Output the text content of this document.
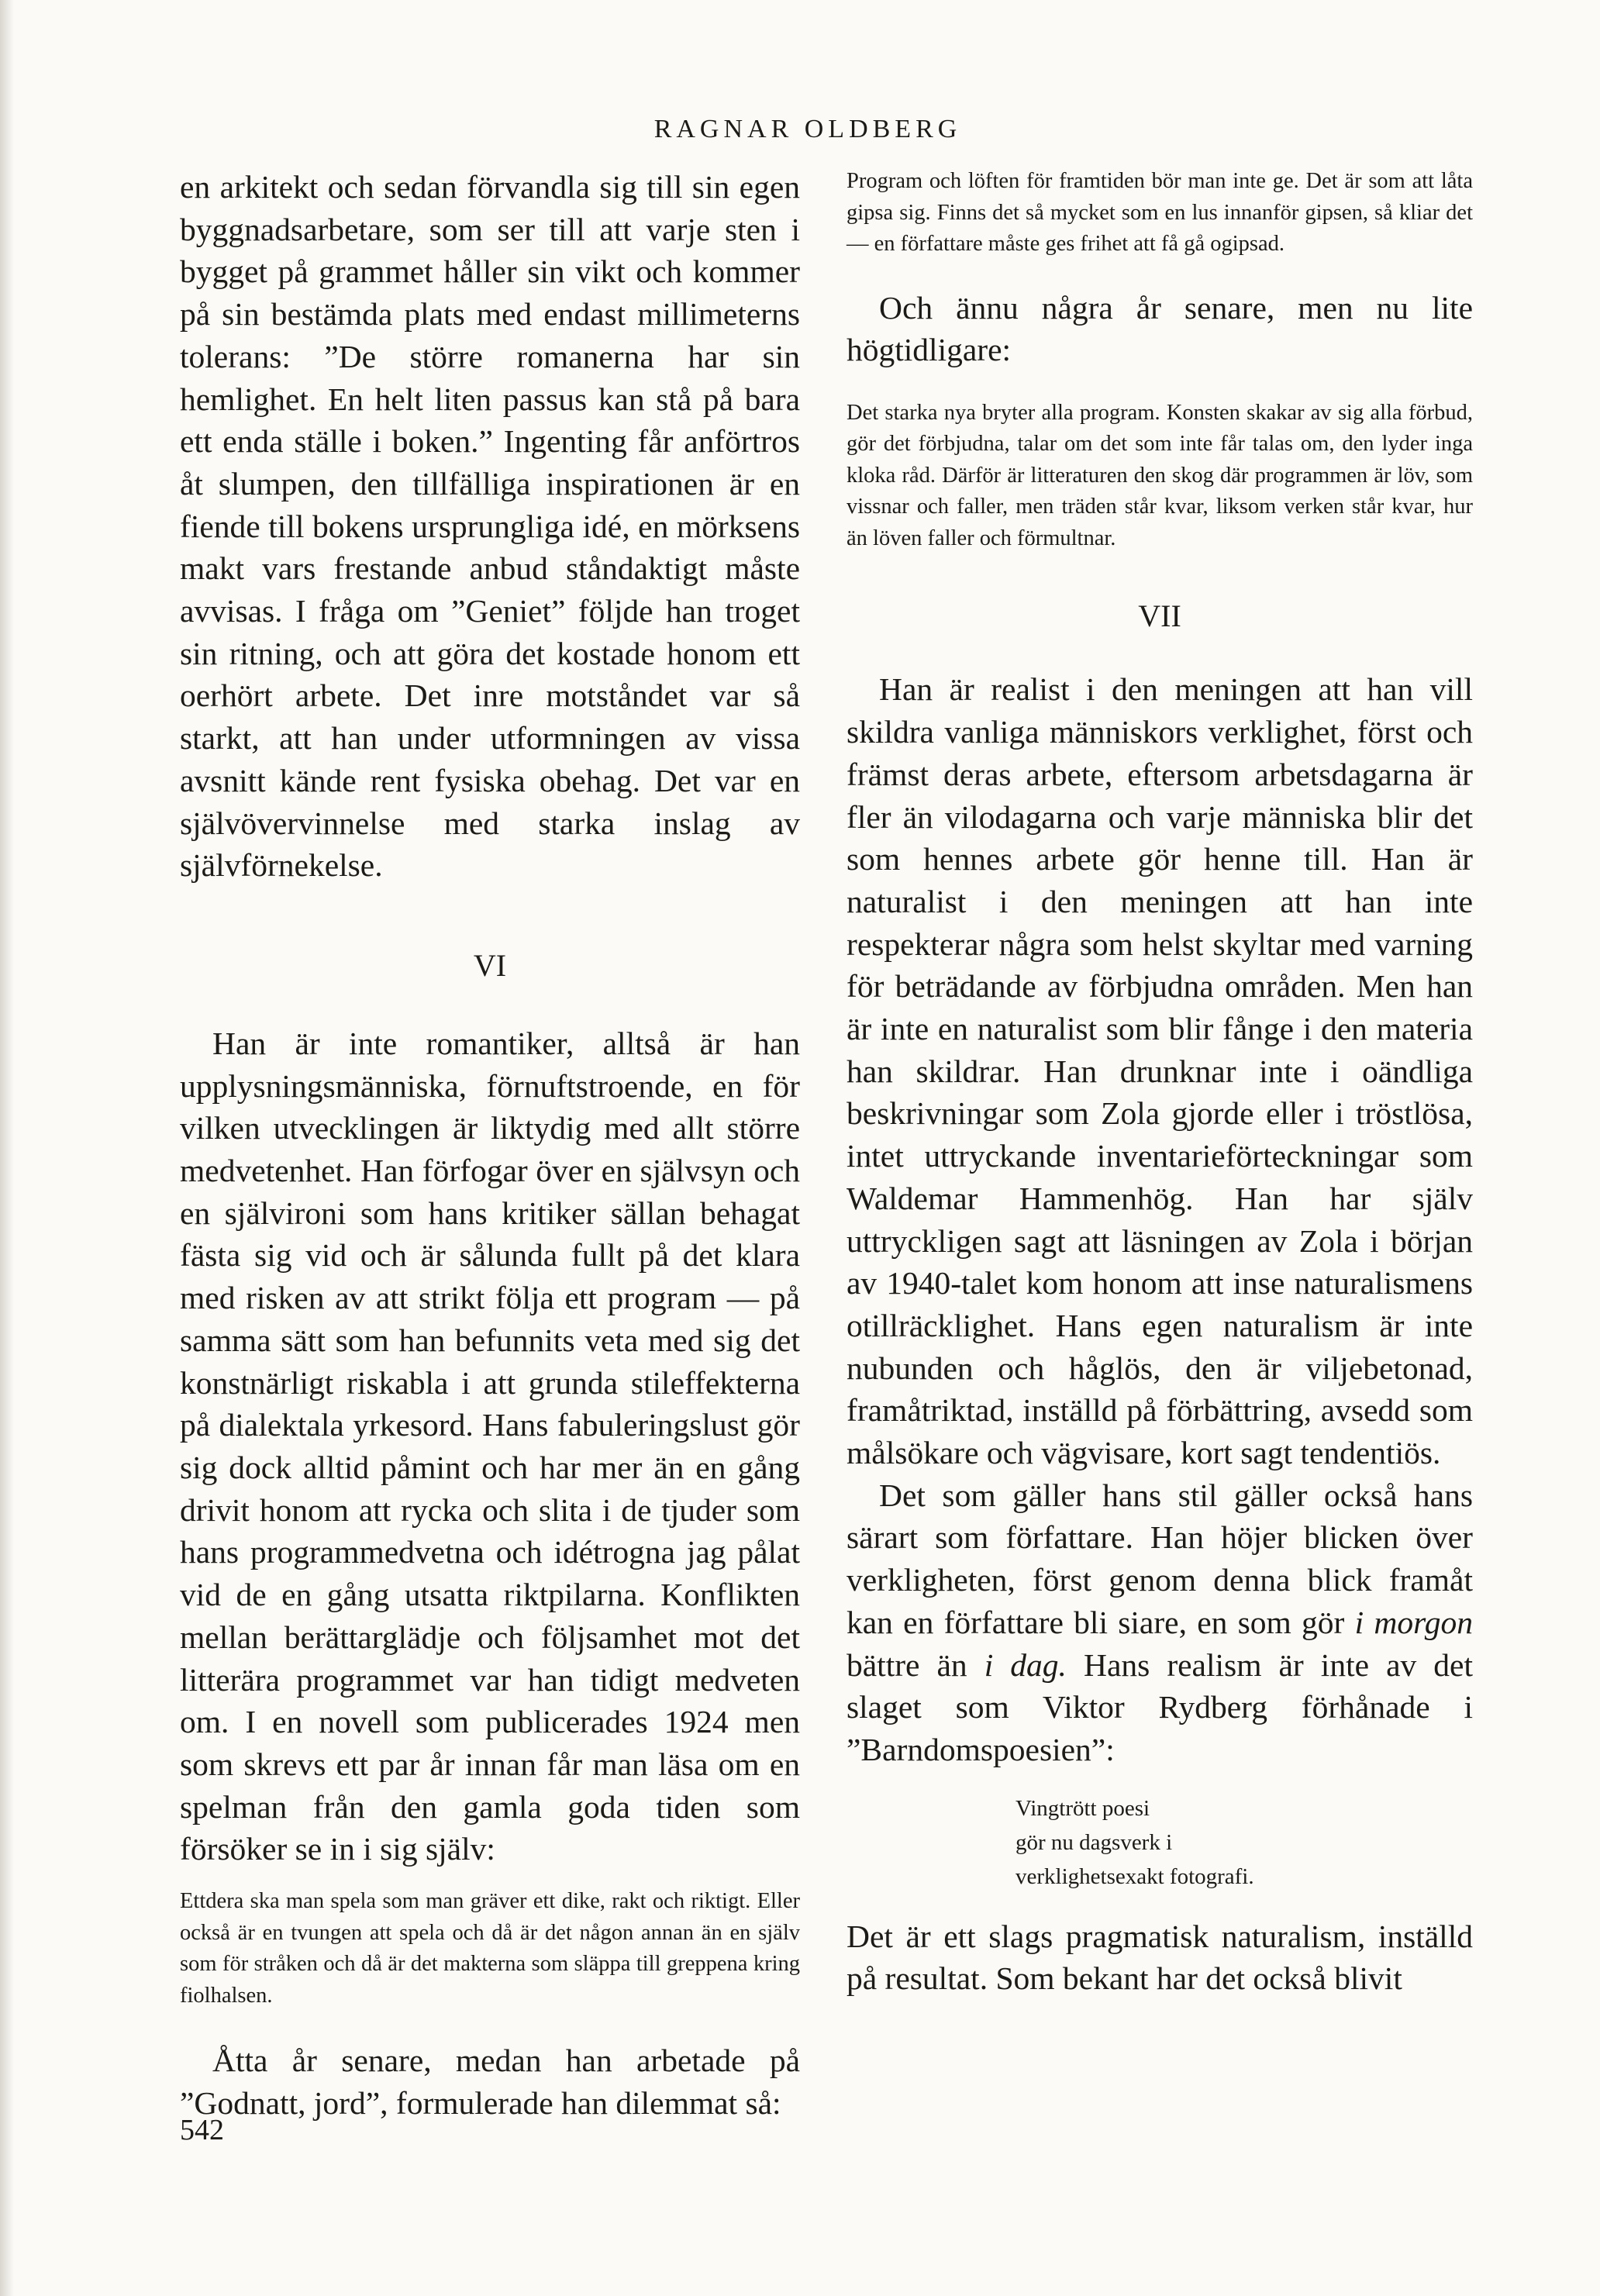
RAGNAR OLDBERG

en arkitekt och sedan förvandla sig till sin egen byggnadsarbetare, som ser till att varje sten i bygget på grammet håller sin vikt och kommer på sin bestämda plats med endast millimeterns tolerans: ”De större romanerna har sin hemlighet. En helt liten passus kan stå på bara ett enda ställe i boken.” Ingenting får anförtros åt slumpen, den tillfälliga inspirationen är en fiende till bokens ursprungliga idé, en mörksens makt vars frestande anbud ståndaktigt måste avvisas. I fråga om ”Geniet” följde han troget sin ritning, och att göra det kostade honom ett oerhört arbete. Det inre motståndet var så starkt, att han under utformningen av vissa avsnitt kände rent fysiska obehag. Det var en självövervinnelse med starka inslag av självförnekelse.

VI

Han är inte romantiker, alltså är han upplysningsmänniska, förnuftstroende, en för vilken utvecklingen är liktydig med allt större medvetenhet. Han förfogar över en självsyn och en självironi som hans kritiker sällan behagat fästa sig vid och är sålunda fullt på det klara med risken av att strikt följa ett program — på samma sätt som han befunnits veta med sig det konstnärligt riskabla i att grunda stileffekterna på dialektala yrkesord. Hans fabuleringslust gör sig dock alltid påmint och har mer än en gång drivit honom att rycka och slita i de tjuder som hans programmedvetna och idétrogna jag pålat vid de en gång utsatta riktpilarna. Konflikten mellan berättarglädje och följsamhet mot det litterära programmet var han tidigt medveten om. I en novell som publicerades 1924 men som skrevs ett par år innan får man läsa om en spelman från den gamla goda tiden som försöker se in i sig själv:

Ettdera ska man spela som man gräver ett dike, rakt och riktigt. Eller också är en tvungen att spela och då är det någon annan än en själv som för stråken och då är det makterna som släppa till greppena kring fiolhalsen.

Åtta år senare, medan han arbetade på ”Godnatt, jord”, formulerade han dilemmat så:

Program och löften för framtiden bör man inte ge. Det är som att låta gipsa sig. Finns det så mycket som en lus innanför gipsen, så kliar det — en författare måste ges frihet att få gå ogipsad.

Och ännu några år senare, men nu lite högtidligare:

Det starka nya bryter alla program. Konsten skakar av sig alla förbud, gör det förbjudna, talar om det som inte får talas om, den lyder inga kloka råd. Därför är litteraturen den skog där programmen är löv, som vissnar och faller, men träden står kvar, liksom verken står kvar, hur än löven faller och förmultnar.

VII

Han är realist i den meningen att han vill skildra vanliga människors verklighet, först och främst deras arbete, eftersom arbetsdagarna är fler än vilodagarna och varje människa blir det som hennes arbete gör henne till. Han är naturalist i den meningen att han inte respekterar några som helst skyltar med varning för beträdande av förbjudna områden. Men han är inte en naturalist som blir fånge i den materia han skildrar. Han drunknar inte i oändliga beskrivningar som Zola gjorde eller i tröstlösa, intet uttryckande inventarieförteckningar som Waldemar Hammenhög. Han har själv uttryckligen sagt att läsningen av Zola i början av 1940-talet kom honom att inse naturalismens otillräcklighet. Hans egen naturalism är inte nubunden och håglös, den är viljebetonad, framåtriktad, inställd på förbättring, avsedd som målsökare och vägvisare, kort sagt tendentiös.

Det som gäller hans stil gäller också hans särart som författare. Han höjer blicken över verkligheten, först genom denna blick framåt kan en författare bli siare, en som gör i morgon bättre än i dag. Hans realism är inte av det slaget som Viktor Rydberg förhånade i ”Barndomspoesien”:

Vingtrött poesi
gör nu dagsverk i
verklighetsexakt fotografi.

Det är ett slags pragmatisk naturalism, inställd på resultat. Som bekant har det också blivit

542
